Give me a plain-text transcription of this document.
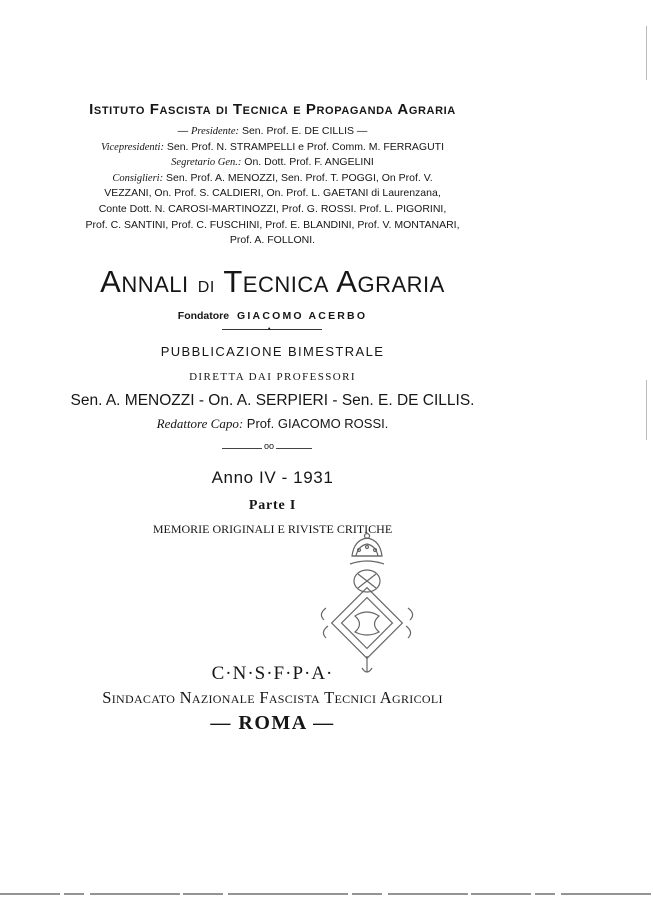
Istituto Fascista di Tecnica e Propaganda Agraria
— Presidente: Sen. Prof. E. DE CILLIS —
Vicepresidenti: Sen. Prof. N. STRAMPELLI e Prof. Comm. M. FERRAGUTI
Segretario Gen.: On. Dott. Prof. F. ANGELINI
Consiglieri: Sen. Prof. A. MENOZZI, Sen. Prof. T. POGGI, On Prof. V.
VEZZANI, On. Prof. S. CALDIERI, On. Prof. L. GAETANI di Laurenzana,
Conte Dott. N. CAROSI-MARTINOZZI, Prof. G. ROSSI. Prof. L. PIGORINI,
Prof. C. SANTINI, Prof. C. FUSCHINI, Prof. E. BLANDINI, Prof. V. MONTANARI,
Prof. A. FOLLONI.
Annali di Tecnica Agraria
Fondatore GIACOMO ACERBO
•
PUBBLICAZIONE BIMESTRALE
DIRETTA DAI PROFESSORI
Sen. A. MENOZZI - On. A. SERPIERI - Sen. E. DE CILLIS.
Redattore Capo: Prof. GIACOMO ROSSI.
oo
Anno IV - 1931
Parte I
MEMORIE ORIGINALI E RIVISTE CRITICHE
C·N·S·F·P·A·
Sindacato Nazionale Fascista Tecnici Agricoli
— ROMA —
